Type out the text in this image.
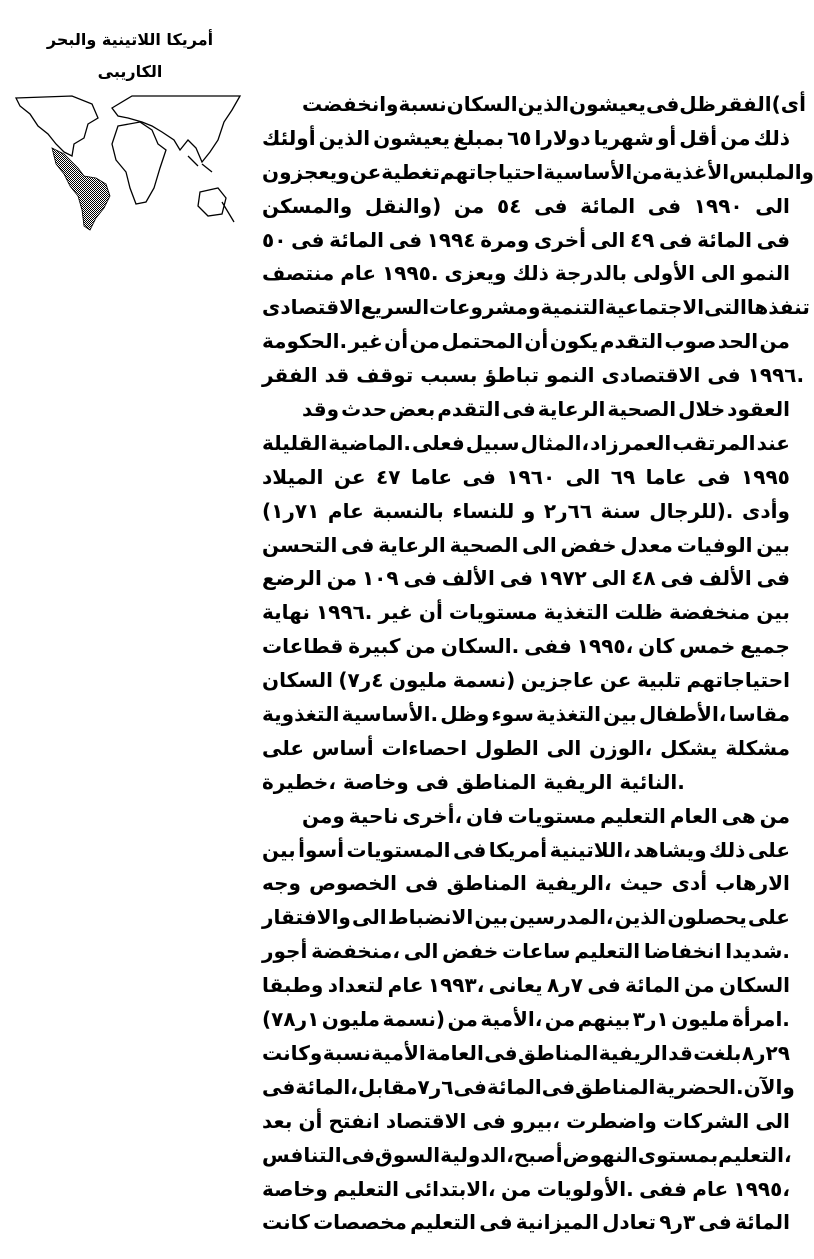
أمريكا اللاتينية والبحر
الكاريبى
وانخفضت نسبة السكان الذين يعيشون فى ظل الفقر (أى
أولئك الذين يعيشون بمبلغ ٦٥ دولارا شهريا أو أقل من ذلك
ويعجزون عن تغطية احتياجاتهم الأساسية من الأغذية والملبس
والمسكن والنقل) من ٥٤ فى المائة فى ١٩٩٠ الى
٥٠ فى المائة فى ١٩٩٤ ومرة أخرى الى ٤٩ فى المائة فى
منتصف عام ١٩٩٥. ويعزى ذلك بالدرجة الأولى الى النمو
الاقتصادى السريع ومشروعات التنمية الاجتماعية التى تنفذها
الحكومة. غير أن من المحتمل أن يكون التقدم صوب الحد من
الفقر قد توقف بسبب تباطؤ النمو الاقتصادى فى ١٩٩٦.
وقد حدث بعض التقدم فى الرعاية الصحية خلال العقود
القليلة الماضية. فعلى سبيل المثال، زاد العمر المرتقب عند
الميلاد عن ٤٧ عاما فى ١٩٦٠ الى ٦٩ عاما فى ١٩٩٥
(٧١ر١ عام بالنسبة للنساء و ٦٦ر٢ سنة للرجال). وأدى
التحسن فى الرعاية الصحية الى خفض معدل الوفيات بين
الرضع من ١٠٩ فى الألف فى ١٩٧٢ الى ٤٨ فى الألف فى
نهاية ١٩٩٦. غير أن مستويات التغذية ظلت منخفضة بين
قطاعات كبيرة من السكان. ففى ١٩٩٥، كان خمس جميع
السكان (٤ر٧ مليون نسمة) عاجزين عن تلبية احتياجاتهم
التغذوية الأساسية. وظل سوء التغذية بين الأطفال، مقاسا
على أساس احصاءات الطول الى الوزن، يشكل مشكلة
خطيرة، وخاصة فى المناطق الريفية النائية.
ومن ناحية أخرى، فان مستويات التعليم العام هى من
بين أسوأ المستويات فى أمريكا اللاتينية، ويشاهد ذلك على
وجه الخصوص فى المناطق الريفية، حيث أدى الارهاب
والافتقار الى الانضباط بين المدرسين، الذين يحصلون على
أجور منخفضة، الى خفض ساعات التعليم انخفاضا شديدا.
وطبقا لتعداد عام ١٩٩٣، يعانى ٧ر٨ فى المائة من السكان
(١ر٧٨ مليون نسمة) من الأمية، من بينهم ١ر٣ مليون امرأة.
وكانت نسبة الأمية العامة فى المناطق الريفية قد بلغت ٢٩ر٨
فى المائة، مقابل ٦ر٧ فى المائة فى المناطق الحضرية. والآن
بعد أن انفتح الاقتصاد فى بيرو، واضطرت الشركات الى
التنافس فى السوق الدولية، أصبح النهوض بمستوى التعليم،
وخاصة التعليم الابتدائى، من الأولويات. ففى عام ١٩٩٥،
كانت مخصصات التعليم فى الميزانية تعادل ٣ر٩ فى المائة
